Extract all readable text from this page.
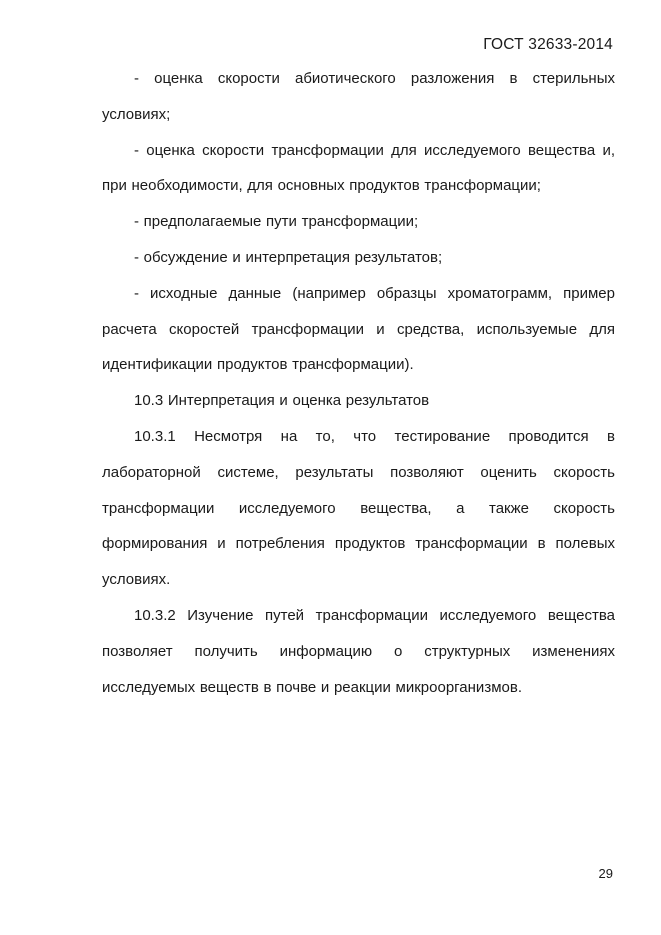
ГОСТ 32633-2014

- оценка скорости абиотического разложения в стерильных условиях;

- оценка скорости трансформации для исследуемого вещества и, при необходимости, для основных продуктов трансформации;

- предполагаемые пути трансформации;

- обсуждение и интерпретация результатов;

- исходные данные (например образцы хроматограмм, пример расчета скоростей трансформации и средства, используемые для идентификации продуктов трансформации).

10.3 Интерпретация и оценка результатов

10.3.1 Несмотря на то, что тестирование проводится в лабораторной системе, результаты позволяют оценить скорость трансформации исследуемого вещества, а также скорость формирования и потребления продуктов трансформации в полевых условиях.

10.3.2 Изучение путей трансформации исследуемого вещества позволяет получить информацию о структурных изменениях исследуемых веществ в почве и реакции микроорганизмов.

29
